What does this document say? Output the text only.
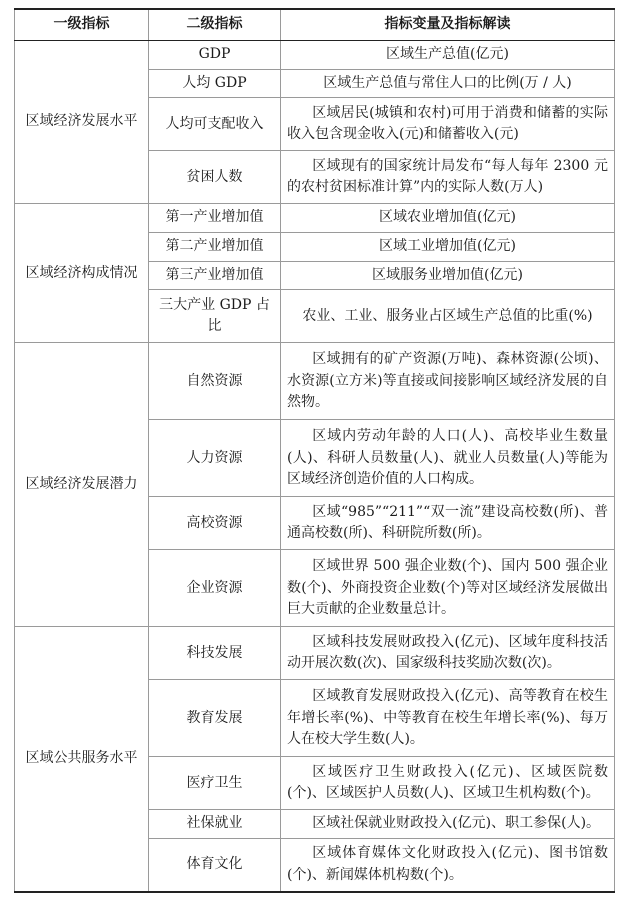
一级指标	二级指标	指标变量及指标解读
区域经济发展水平	GDP	区域生产总值(亿元)
	人均 GDP	区域生产总值与常住人口的比例(万 / 人)
	人均可支配收入	区域居民(城镇和农村)可用于消费和储蓄的实际收入包含现金收入(元)和储蓄收入(元)
	贫困人数	区域现有的国家统计局发布“每人每年 2300 元的农村贫困标准计算”内的实际人数(万人)
区域经济构成情况	第一产业增加值	区域农业增加值(亿元)
	第二产业增加值	区域工业增加值(亿元)
	第三产业增加值	区域服务业增加值(亿元)
	三大产业 GDP 占比	农业、工业、服务业占区域生产总值的比重(%)
区域经济发展潜力	自然资源	区域拥有的矿产资源(万吨)、森林资源(公顷)、水资源(立方米)等直接或间接影响区域经济发展的自然物。
	人力资源	区域内劳动年龄的人口(人)、高校毕业生数量(人)、科研人员数量(人)、就业人员数量(人)等能为区域经济创造价值的人口构成。
	高校资源	区域“985”“211”“双一流”建设高校数(所)、普通高校数(所)、科研院所数(所)。
	企业资源	区域世界 500 强企业数(个)、国内 500 强企业数(个)、外商投资企业数(个)等对区域经济发展做出巨大贡献的企业数量总计。
区域公共服务水平	科技发展	区域科技发展财政投入(亿元)、区域年度科技活动开展次数(次)、国家级科技奖励次数(次)。
	教育发展	区域教育发展财政投入(亿元)、高等教育在校生年增长率(%)、中等教育在校生年增长率(%)、每万人在校大学生数(人)。
	医疗卫生	区域医疗卫生财政投入(亿元)、区域医院数(个)、区域医护人员数(人)、区域卫生机构数(个)。
	社保就业	区域社保就业财政投入(亿元)、职工参保(人)。
	体育文化	区域体育媒体文化财政投入(亿元)、图书馆数(个)、新闻媒体机构数(个)。
